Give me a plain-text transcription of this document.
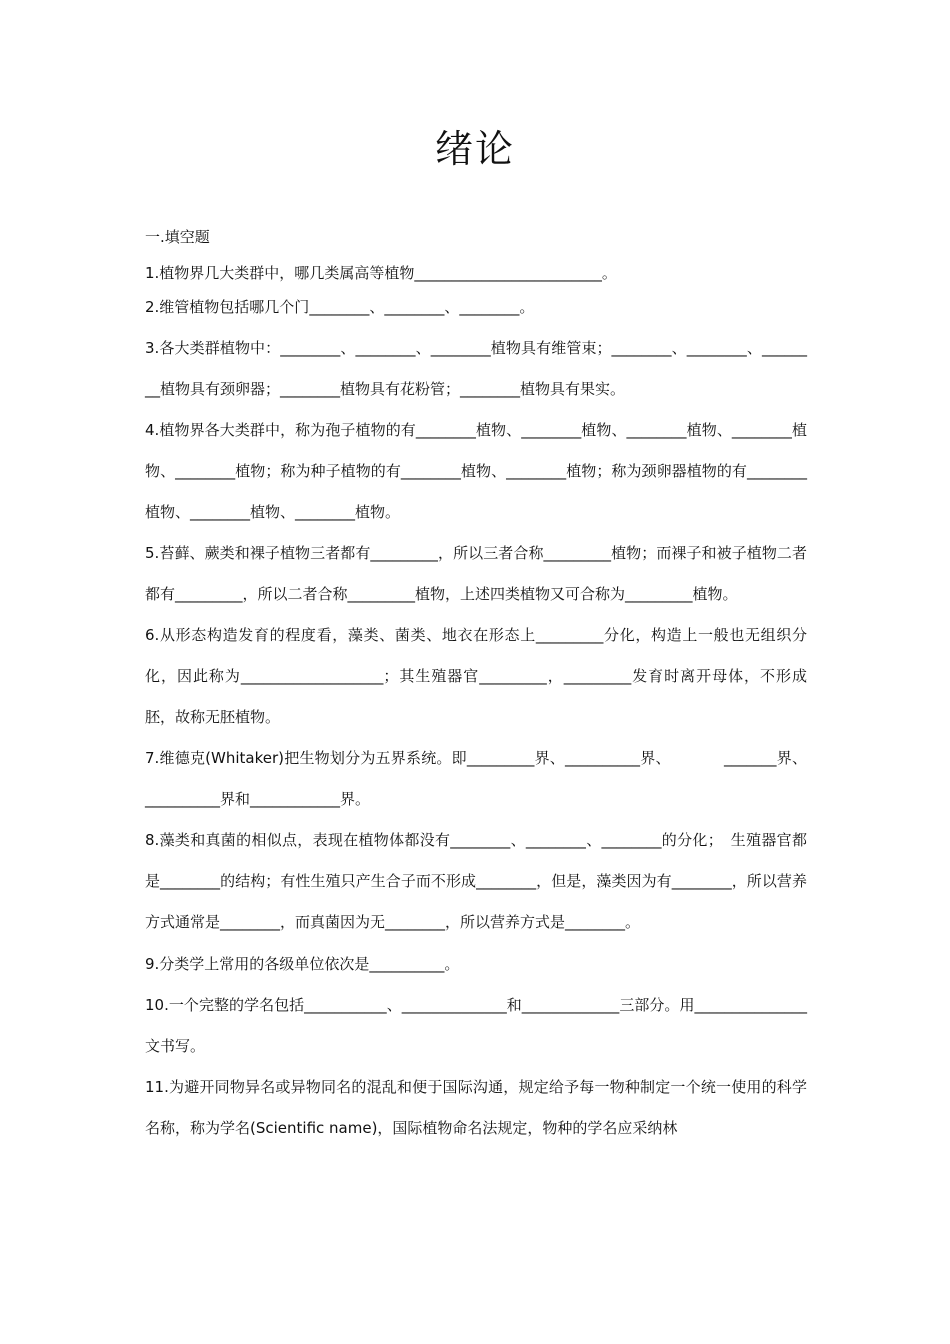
绪论
一.填空题

1.植物界几大类群中，哪几类属高等植物_________________________。

2.维管植物包括哪几个门________、________、________。

3.各大类群植物中：________、________、________植物具有维管束；________、________、________植物具有颈卵器；________植物具有花粉管；________植物具有果实。

4.植物界各大类群中，称为孢子植物的有________植物、________植物、________植物、________植物、________植物；称为种子植物的有________植物、________植物；称为颈卵器植物的有________植物、________植物、________植物。

5.苔藓、蕨类和裸子植物三者都有_________，所以三者合称_________植物；而裸子和被子植物二者都有_________，所以二者合称_________植物，上述四类植物又可合称为_________植物。

6.从形态构造发育的程度看，藻类、菌类、地衣在形态上_________分化，构造上一般也无组织分化，因此称为___________________；其生殖器官_________，_________发育时离开母体，不形成胚，故称无胚植物。

7.维德克(Whitaker)把生物划分为五界系统。即_________界、__________界、　　　　_______界、__________界和____________界。

8.藻类和真菌的相似点，表现在植物体都没有________、________、________的分化；　生殖器官都是________的结构；有性生殖只产生合子而不形成________，但是，藻类因为有________，所以营养方式通常是________，而真菌因为无________，所以营养方式是________。

9.分类学上常用的各级单位依次是__________。

10.一个完整的学名包括___________、______________和_____________三部分。用_______________文书写。

11.为避开同物异名或异物同名的混乱和便于国际沟通，规定给予每一物种制定一个统一使用的科学名称，称为学名(Scientific name)，国际植物命名法规定，物种的学名应采纳林
